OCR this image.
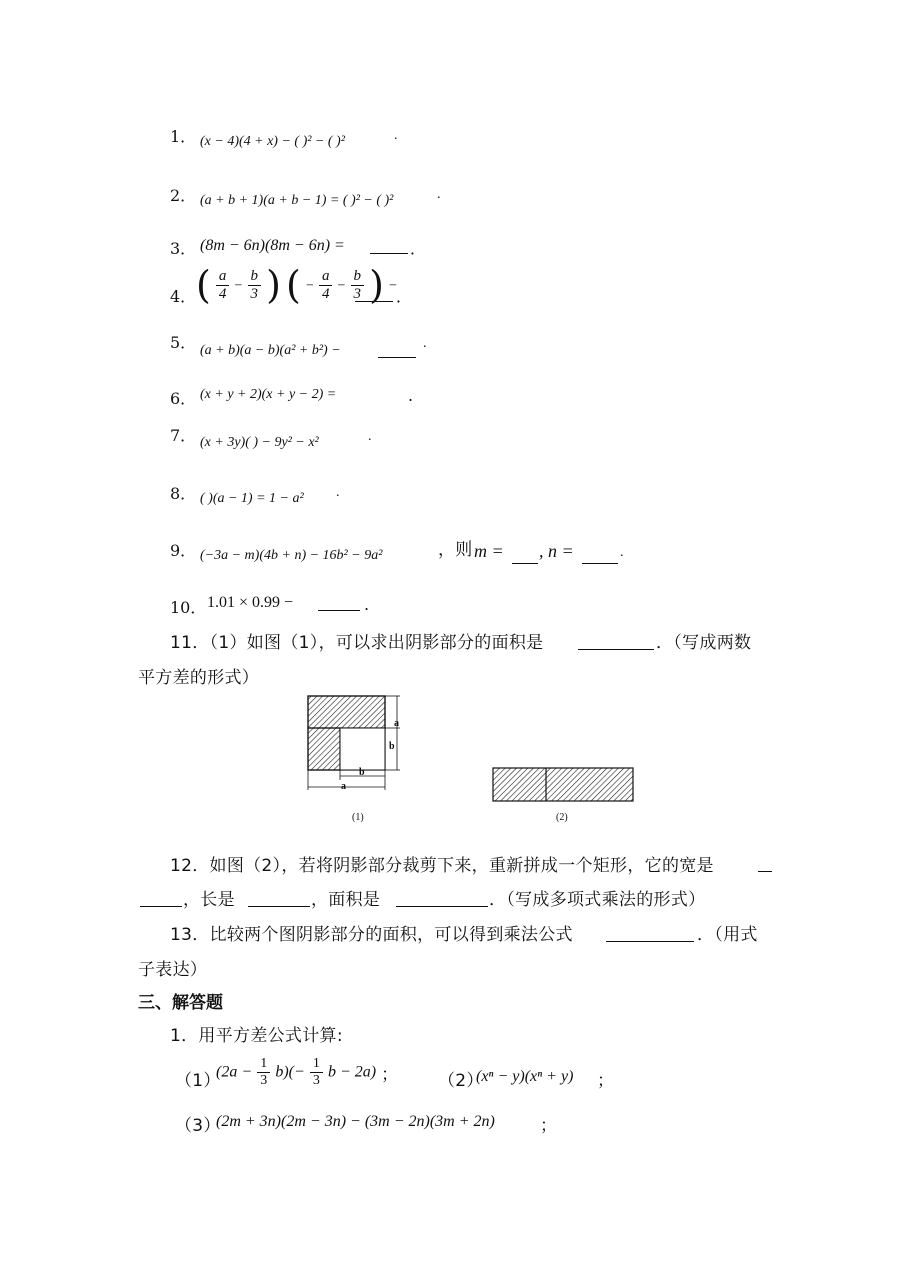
1． (x − 4)(4 + x) − ( )² − ( )²	.
2． (a + b + 1)(a + b − 1) = ( )² − ( )²	.
3． (8m − 6n)(8m − 6n) =	．
4． ( $\frac{a}{4} - \frac{b}{3}$ ) ( − $\frac{a}{4} - \frac{b}{3}$ ) −
．
5． (a + b)(a − b)(a² + b²) −	.
6． (x + y + 2)(x + y − 2) =	.
7． (x + 3y)( ) − 9y² − x²	.
8． ( )(a − 1) = 1 − a² .
9． (−3a − m)(4b + n) − 16b² − 9a²	，则 m = , n =	.
10． 1.01 × 0.99 −	.
11．（1）如图（1），可以求出阴影部分的面积是	．（写成两数
平方差的形式）
a
b
b
a
(1)	(2)
12．如图（2），若将阴影部分裁剪下来，重新拼成一个矩形，它的宽是
，长是	，面积是	．（写成多项式乘法的形式）
13．比较两个图阴影部分的面积，可以得到乘法公式	．（用式
子表达）
三、解答题
1．用平方差公式计算:
（1）
$(2a - \frac{1}{3} b)(- \frac{1}{3}$ b − 2a) ； （2）
(xⁿ − y)(xⁿ + y) ；
（3）
(2m + 3n)(2m − 3n) − (3m − 2n)(3m + 2n)	；
